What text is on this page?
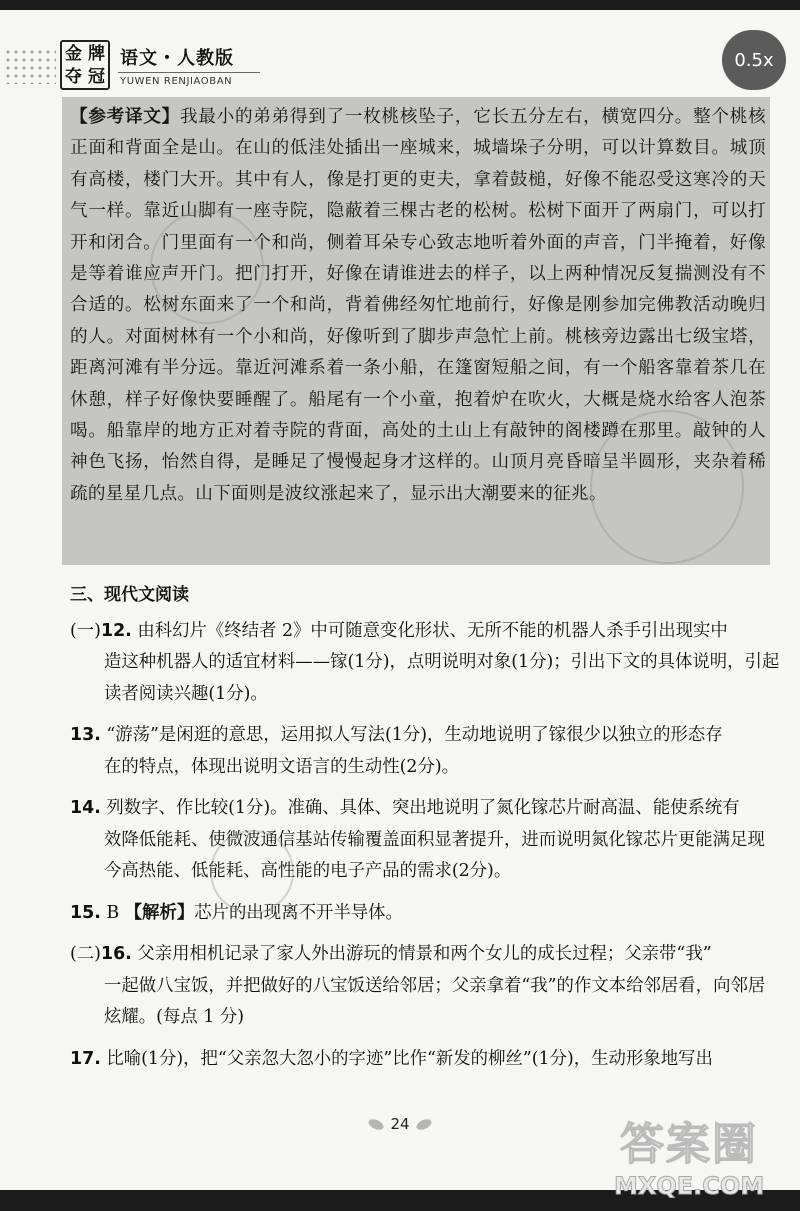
金 牌
夺 冠
语文・人教版
YUWEN RENJIAOBAN
【参考译文】我最小的弟弟得到了一枚桃核坠子，它长五分左右，横宽四分。整个桃核正面和背面全是山。在山的低洼处插出一座城来，城墙垛子分明，可以计算数目。城顶有高楼，楼门大开。其中有人，像是打更的吏夫，拿着鼓槌，好像不能忍受这寒冷的天气一样。靠近山脚有一座寺院，隐蔽着三棵古老的松树。松树下面开了两扇门，可以打开和闭合。门里面有一个和尚，侧着耳朵专心致志地听着外面的声音，门半掩着，好像是等着谁应声开门。把门打开，好像在请谁进去的样子，以上两种情况反复揣测没有不合适的。松树东面来了一个和尚，背着佛经匆忙地前行，好像是刚参加完佛教活动晚归的人。对面树林有一个小和尚，好像听到了脚步声急忙上前。桃核旁边露出七级宝塔，距离河滩有半分远。靠近河滩系着一条小船，在篷窗短船之间，有一个船客靠着茶几在休憩，样子好像快要睡醒了。船尾有一个小童，抱着炉在吹火，大概是烧水给客人泡茶喝。船靠岸的地方正对着寺院的背面，高处的土山上有敲钟的阁楼蹲在那里。敲钟的人神色飞扬，怡然自得，是睡足了慢慢起身才这样的。山顶月亮昏暗呈半圆形，夹杂着稀疏的星星几点。山下面则是波纹涨起来了，显示出大潮要来的征兆。

三、现代文阅读

(一)12. 由科幻片《终结者 2》中可随意变化形状、无所不能的机器人杀手引出现实中

造这种机器人的适宜材料——镓(1分)，点明说明对象(1分)；引出下文的具体说明，引起读者阅读兴趣(1分)。

13. “游荡”是闲逛的意思，运用拟人写法(1分)，生动地说明了镓很少以独立的形态存

在的特点，体现出说明文语言的生动性(2分)。

14. 列数字、作比较(1分)。准确、具体、突出地说明了氮化镓芯片耐高温、能使系统有

效降低能耗、使微波通信基站传输覆盖面积显著提升，进而说明氮化镓芯片更能满足现今高热能、低能耗、高性能的电子产品的需求(2分)。

15. B 【解析】芯片的出现离不开半导体。

(二)16. 父亲用相机记录了家人外出游玩的情景和两个女儿的成长过程；父亲带“我”

一起做八宝饭，并把做好的八宝饭送给邻居；父亲拿着“我”的作文本给邻居看，向邻居炫耀。(每点 1 分)

17. 比喻(1分)，把“父亲忽大忽小的字迹”比作“新发的柳丝”(1分)，生动形象地写出

24
0.5x
答案圈
MXQE.COM
